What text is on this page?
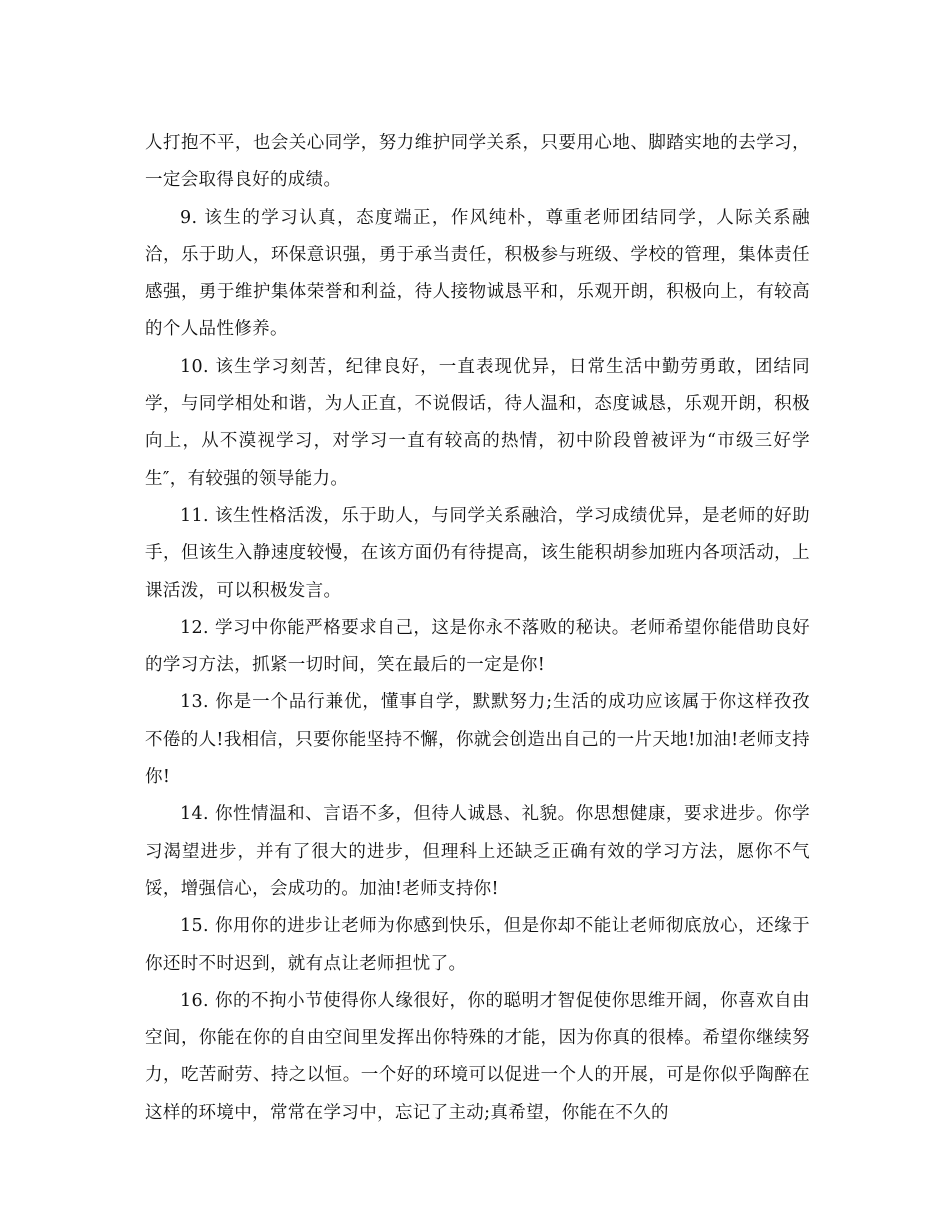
人打抱不平，也会关心同学，努力维护同学关系，只要用心地、脚踏实地的去学习，一定会取得良好的成绩。

9. 该生的学习认真，态度端正，作风纯朴，尊重老师团结同学，人际关系融洽，乐于助人，环保意识强，勇于承当责任，积极参与班级、学校的管理，集体责任感强，勇于维护集体荣誉和利益，待人接物诚恳平和，乐观开朗，积极向上，有较高的个人品性修养。

10. 该生学习刻苦，纪律良好，一直表现优异，日常生活中勤劳勇敢，团结同学，与同学相处和谐，为人正直，不说假话，待人温和，态度诚恳，乐观开朗，积极向上，从不漠视学习，对学习一直有较高的热情，初中阶段曾被评为“市级三好学生″，有较强的领导能力。

11. 该生性格活泼，乐于助人，与同学关系融洽，学习成绩优异，是老师的好助手，但该生入静速度较慢，在该方面仍有待提高，该生能积胡参加班内各项活动，上课活泼，可以积极发言。

12. 学习中你能严格要求自己，这是你永不落败的秘诀。老师希望你能借助良好的学习方法，抓紧一切时间，笑在最后的一定是你!

13. 你是一个品行兼优，懂事自学，默默努力;生活的成功应该属于你这样孜孜不倦的人!我相信，只要你能坚持不懈，你就会创造出自己的一片天地!加油!老师支持你!

14. 你性情温和、言语不多，但待人诚恳、礼貌。你思想健康，要求进步。你学习渴望进步，并有了很大的进步，但理科上还缺乏正确有效的学习方法，愿你不气馁，增强信心，会成功的。加油!老师支持你!

15. 你用你的进步让老师为你感到快乐，但是你却不能让老师彻底放心，还缘于你还时不时迟到，就有点让老师担忧了。

16. 你的不拘小节使得你人缘很好，你的聪明才智促使你思维开阔，你喜欢自由空间，你能在你的自由空间里发挥出你特殊的才能，因为你真的很棒。希望你继续努力，吃苦耐劳、持之以恒。一个好的环境可以促进一个人的开展，可是你似乎陶醉在这样的环境中，常常在学习中，忘记了主动;真希望，你能在不久的
